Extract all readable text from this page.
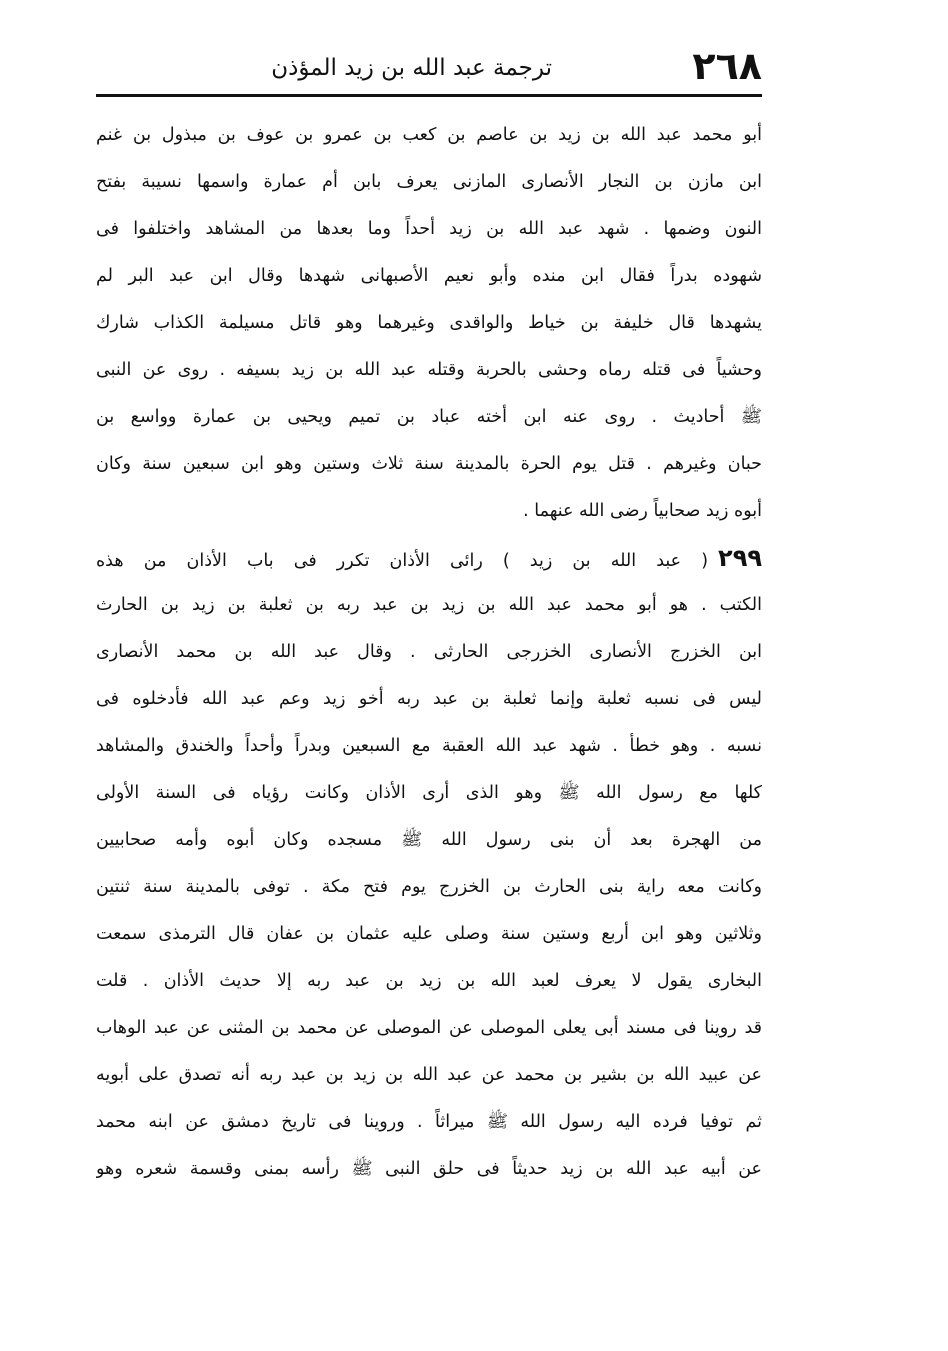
٢٦٨
ترجمة عبد الله بن زيد المؤذن
أبو محمد عبد الله بن زيد بن عاصم بن كعب بن عمرو بن عوف بن مبذول بن غنم
ابن مازن بن النجار الأنصارى المازنى يعرف بابن أم عمارة واسمها نسيبة بفتح
النون وضمها . شهد عبد الله بن زيد أحداً وما بعدها من المشاهد واختلفوا فى
شهوده بدراً فقال ابن منده وأبو نعيم الأصبهانى شهدها وقال ابن عبد البر لم
يشهدها قال خليفة بن خياط والواقدى وغيرهما وهو قاتل مسيلمة الكذاب شارك
وحشياً فى قتله رماه وحشى بالحربة وقتله عبد الله بن زيد بسيفه . روى عن النبى
ﷺ أحاديث . روى عنه ابن أخته عباد بن تميم ويحيى بن عمارة وواسع بن
حبان وغيرهم . قتل يوم الحرة بالمدينة سنة ثلاث وستين وهو ابن سبعين سنة وكان
أبوه زيد صحابياً رضى الله عنهما .
٢٩٩( عبد الله بن زيد ) رائى الأذان تكرر فى باب الأذان من هذه
الكتب . هو أبو محمد عبد الله بن زيد بن عبد ربه بن ثعلبة بن زيد بن الحارث
ابن الخزرج الأنصارى الخزرجى الحارثى . وقال عبد الله بن محمد الأنصارى
ليس فى نسبه ثعلبة وإنما ثعلبة بن عبد ربه أخو زيد وعم عبد الله فأدخلوه فى
نسبه . وهو خطأ . شهد عبد الله العقبة مع السبعين وبدراً وأحداً والخندق والمشاهد
كلها مع رسول الله ﷺ وهو الذى أرى الأذان وكانت رؤياه فى السنة الأولى
من الهجرة بعد أن بنى رسول الله ﷺ مسجده وكان أبوه وأمه صحابيين
وكانت معه راية بنى الحارث بن الخزرج يوم فتح مكة . توفى بالمدينة سنة ثنتين
وثلاثين وهو ابن أربع وستين سنة وصلى عليه عثمان بن عفان قال الترمذى سمعت
البخارى يقول لا يعرف لعبد الله بن زيد بن عبد ربه إلا حديث الأذان . قلت
قد روينا فى مسند أبى يعلى الموصلى عن الموصلى عن محمد بن المثنى عن عبد الوهاب
عن عبيد الله بن بشير بن محمد عن عبد الله بن زيد بن عبد ربه أنه تصدق على أبويه
ثم توفيا فرده اليه رسول الله ﷺ ميراثاً . وروينا فى تاريخ دمشق عن ابنه محمد
عن أبيه عبد الله بن زيد حديثاً فى حلق النبى ﷺ رأسه بمنى وقسمة شعره وهو
